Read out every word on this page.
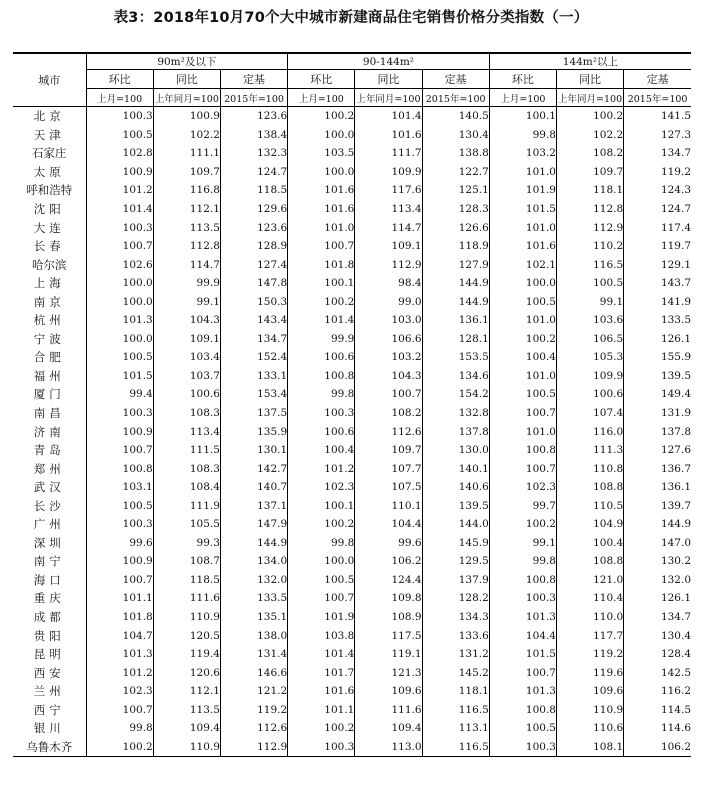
表3：2018年10月70个大中城市新建商品住宅销售价格分类指数（一）
城市	90m²及以下			90-144m²			144m²以上		
	环比	同比	定基	环比	同比	定基	环比	同比	定基
	上月=100	上年同月=100	2015年=100	上月=100	上年同月=100	2015年=100	上月=100	上年同月=100	2015年=100
北京	100.3	100.9	123.6	100.2	101.4	140.5	100.1	100.2	141.5
天津	100.5	102.2	138.4	100.0	101.6	130.4	99.8	102.2	127.3
石家庄	102.8	111.1	132.3	103.5	111.7	138.8	103.2	108.2	134.7
太原	100.9	109.7	124.7	100.0	109.9	122.7	101.0	109.7	119.2
呼和浩特	101.2	116.8	118.5	101.6	117.6	125.1	101.9	118.1	124.3
沈阳	101.4	112.1	129.6	101.6	113.4	128.3	101.5	112.8	124.7
大连	100.3	113.5	123.6	101.0	114.7	126.6	101.0	112.9	117.4
长春	100.7	112.8	128.9	100.7	109.1	118.9	101.6	110.2	119.7
哈尔滨	102.6	114.7	127.4	101.8	112.9	127.9	102.1	116.5	129.1
上海	100.0	99.9	147.8	100.1	98.4	144.9	100.0	100.5	143.7
南京	100.0	99.1	150.3	100.2	99.0	144.9	100.5	99.1	141.9
杭州	101.3	104.3	143.4	101.4	103.0	136.1	101.0	103.6	133.5
宁波	100.0	109.1	134.7	99.9	106.6	128.1	100.2	106.5	126.1
合肥	100.5	103.4	152.4	100.6	103.2	153.5	100.4	105.3	155.9
福州	101.5	103.7	133.1	100.8	104.3	134.6	101.0	109.9	139.5
厦门	99.4	100.6	153.4	99.8	100.7	154.2	100.5	100.6	149.4
南昌	100.3	108.3	137.5	100.3	108.2	132.8	100.7	107.4	131.9
济南	100.9	113.4	135.9	100.6	112.6	137.8	101.0	116.0	137.8
青岛	100.7	111.5	130.1	100.4	109.7	130.0	100.8	111.3	127.6
郑州	100.8	108.3	142.7	101.2	107.7	140.1	100.7	110.8	136.7
武汉	103.1	108.4	140.7	102.3	107.5	140.6	102.3	108.8	136.1
长沙	100.5	111.9	137.1	100.1	110.1	139.5	99.7	110.5	139.7
广州	100.3	105.5	147.9	100.2	104.4	144.0	100.2	104.9	144.9
深圳	99.6	99.3	144.9	99.8	99.6	145.9	99.1	100.4	147.0
南宁	100.9	108.7	134.0	100.0	106.2	129.5	99.8	108.8	130.2
海口	100.7	118.5	132.0	100.5	124.4	137.9	100.8	121.0	132.0
重庆	101.1	111.6	133.5	100.7	109.8	128.2	100.3	110.4	126.1
成都	101.8	110.9	135.1	101.9	108.9	134.3	101.3	110.0	134.7
贵阳	104.7	120.5	138.0	103.8	117.5	133.6	104.4	117.7	130.4
昆明	101.3	119.4	131.4	101.4	119.1	131.2	101.5	119.2	128.4
西安	101.2	120.6	146.6	101.7	121.3	145.2	100.7	119.6	142.5
兰州	102.3	112.1	121.2	101.6	109.6	118.1	101.3	109.6	116.2
西宁	100.7	113.5	119.2	101.1	111.6	116.5	100.8	110.9	114.5
银川	99.8	109.4	112.6	100.2	109.4	113.1	100.5	110.6	114.6
乌鲁木齐	100.2	110.9	112.9	100.3	113.0	116.5	100.3	108.1	106.2
